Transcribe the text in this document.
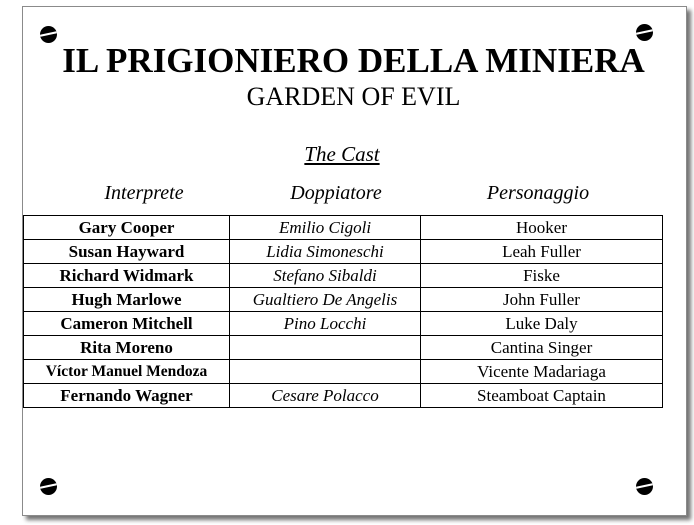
IL PRIGIONIERO DELLA MINIERA
GARDEN OF EVIL
The Cast
Interprete	Doppiatore	Personaggio
Gary Cooper	Emilio Cigoli	Hooker
Susan Hayward	Lidia Simoneschi	Leah Fuller
Richard Widmark	Stefano Sibaldi	Fiske
Hugh Marlowe	Gualtiero De Angelis	John Fuller
Cameron Mitchell	Pino Locchi	Luke Daly
Rita Moreno		Cantina Singer
Víctor Manuel Mendoza		Vicente Madariaga
Fernando Wagner	Cesare Polacco	Steamboat Captain
